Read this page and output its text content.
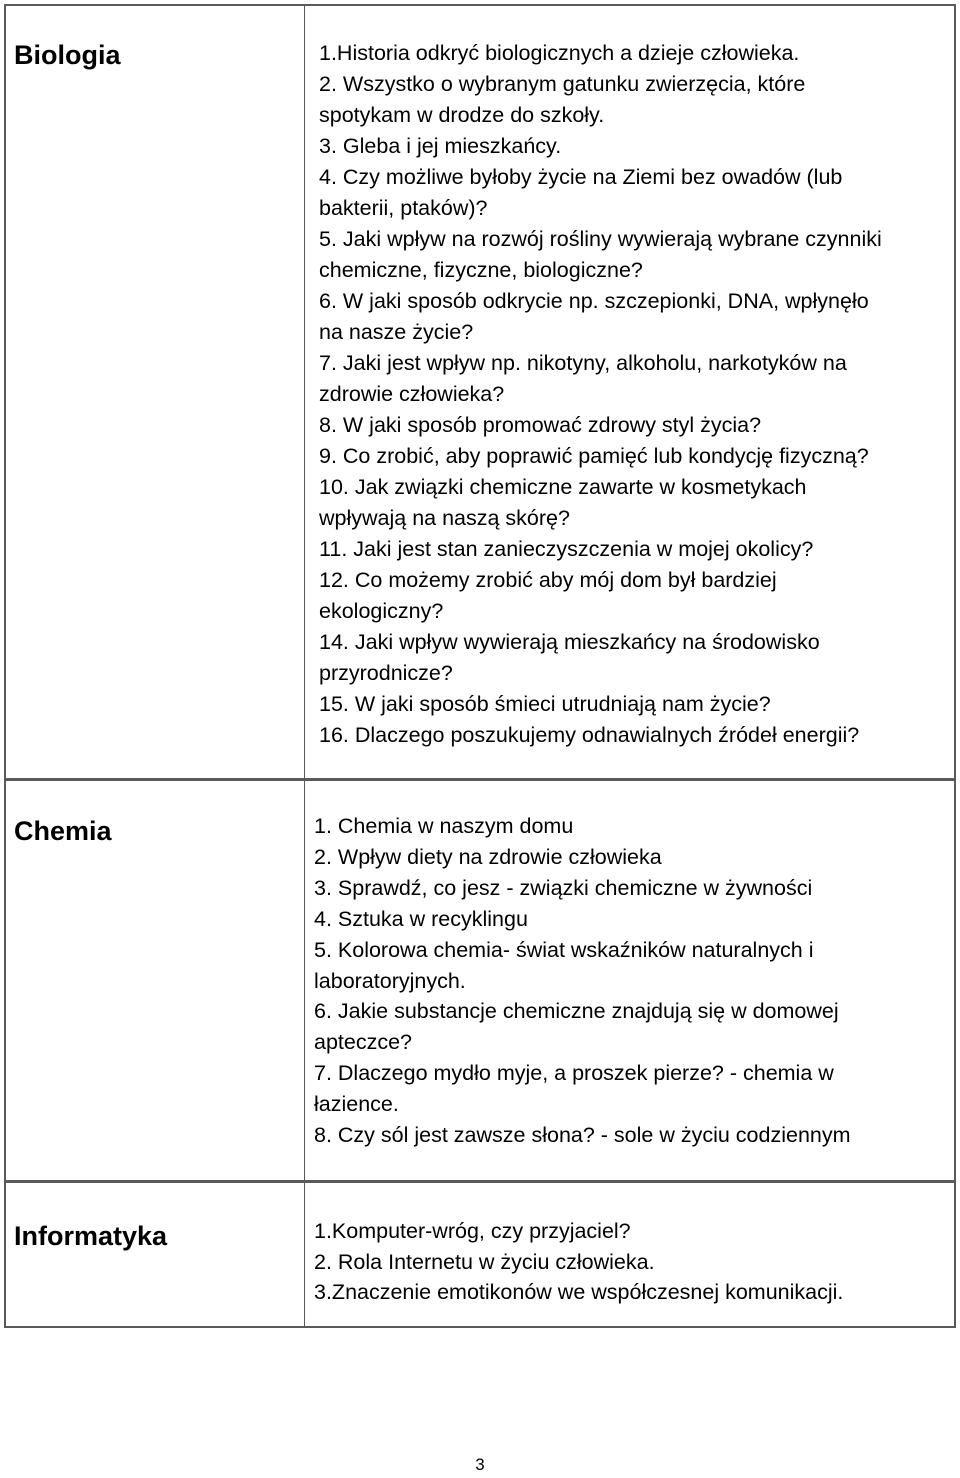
Biologia	1.Historia odkryć biologicznych a dzieje człowieka.
2. Wszystko o wybranym gatunku zwierzęcia, które
spotykam w drodze do szkoły.
3. Gleba i jej mieszkańcy.
4. Czy możliwe byłoby życie na Ziemi bez owadów (lub
bakterii, ptaków)?
5. Jaki wpływ na rozwój rośliny wywierają wybrane czynniki
chemiczne, fizyczne, biologiczne?
6. W jaki sposób odkrycie np. szczepionki, DNA, wpłynęło
na nasze życie?
7. Jaki jest wpływ np. nikotyny, alkoholu, narkotyków na
zdrowie człowieka?
8. W jaki sposób promować zdrowy styl życia?
9. Co zrobić, aby poprawić pamięć lub kondycję fizyczną?
10. Jak związki chemiczne zawarte w kosmetykach
wpływają na naszą skórę?
11. Jaki jest stan zanieczyszczenia w mojej okolicy?
12. Co możemy zrobić aby mój dom był bardziej
ekologiczny?
14. Jaki wpływ wywierają mieszkańcy na środowisko
przyrodnicze?
15. W jaki sposób śmieci utrudniają nam życie?
16. Dlaczego poszukujemy odnawialnych źródeł energii?
Chemia	1. Chemia w naszym domu
2. Wpływ diety na zdrowie człowieka
3. Sprawdź, co jesz - związki chemiczne w żywności
4. Sztuka w recyklingu
5. Kolorowa chemia- świat wskaźników naturalnych i
laboratoryjnych.
6. Jakie substancje chemiczne znajdują się w domowej
apteczce?
7. Dlaczego mydło myje, a proszek pierze? - chemia w
łazience.
8. Czy sól jest zawsze słona? - sole w życiu codziennym
Informatyka	1.Komputer-wróg, czy przyjaciel?
2. Rola Internetu w życiu człowieka.
3.Znaczenie emotikonów we współczesnej komunikacji.
3
